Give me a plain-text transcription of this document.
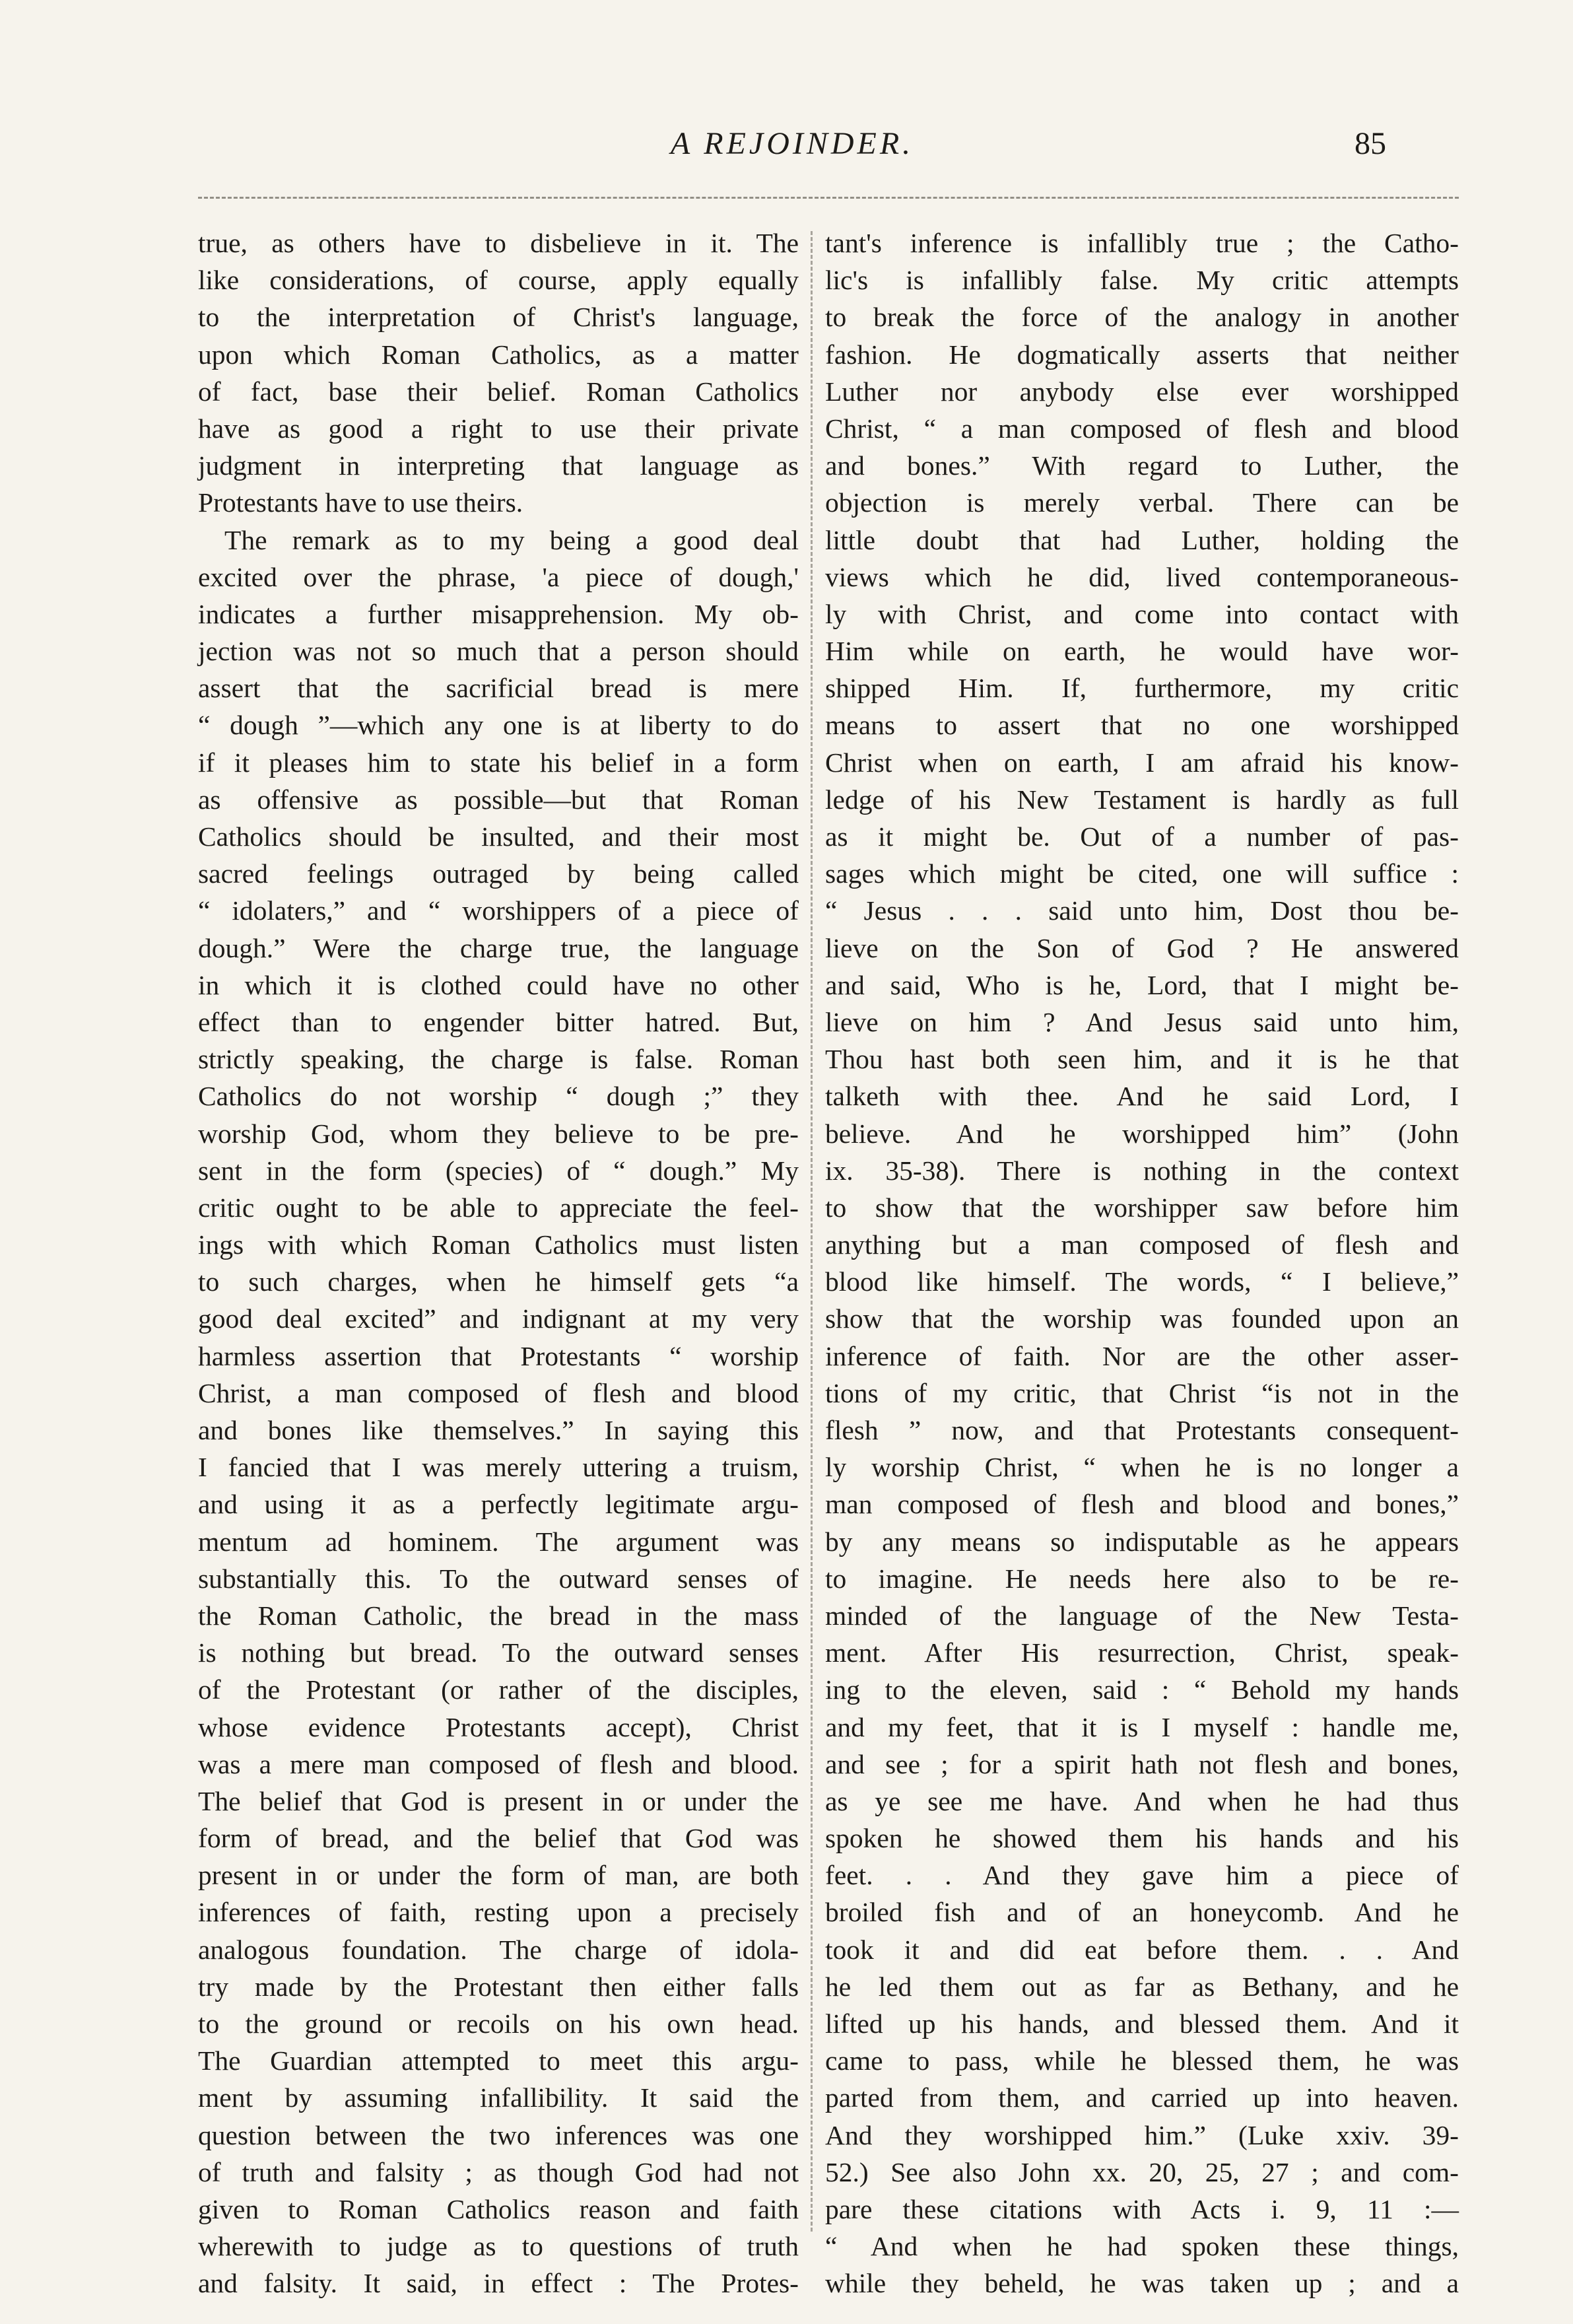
A REJOINDER.	85
true, as others have to disbelieve in it. The
like considerations, of course, apply equally
to the interpretation of Christ's language,
upon which Roman Catholics, as a matter
of fact, base their belief. Roman Catholics
have as good a right to use their private
judgment in interpreting that language as
Protestants have to use theirs.
The remark as to my being a good deal
excited over the phrase, 'a piece of dough,'
indicates a further misapprehension. My ob-
jection was not so much that a person should
assert that the sacrificial bread is mere
“ dough ”—which any one is at liberty to do
if it pleases him to state his belief in a form
as offensive as possible—but that Roman
Catholics should be insulted, and their most
sacred feelings outraged by being called
“ idolaters,” and “ worshippers of a piece of
dough.” Were the charge true, the language
in which it is clothed could have no other
effect than to engender bitter hatred. But,
strictly speaking, the charge is false. Roman
Catholics do not worship “ dough ;” they
worship God, whom they believe to be pre-
sent in the form (species) of “ dough.” My
critic ought to be able to appreciate the feel-
ings with which Roman Catholics must listen
to such charges, when he himself gets “a
good deal excited” and indignant at my very
harmless assertion that Protestants “ worship
Christ, a man composed of flesh and blood
and bones like themselves.” In saying this
I fancied that I was merely uttering a truism,
and using it as a perfectly legitimate argu-
mentum ad hominem. The argument was
substantially this. To the outward senses of
the Roman Catholic, the bread in the mass
is nothing but bread. To the outward senses
of the Protestant (or rather of the disciples,
whose evidence Protestants accept), Christ
was a mere man composed of flesh and blood.
The belief that God is present in or under the
form of bread, and the belief that God was
present in or under the form of man, are both
inferences of faith, resting upon a precisely
analogous foundation. The charge of idola-
try made by the Protestant then either falls
to the ground or recoils on his own head.
The Guardian attempted to meet this argu-
ment by assuming infallibility. It said the
question between the two inferences was one
of truth and falsity ; as though God had not
given to Roman Catholics reason and faith
wherewith to judge as to questions of truth
and falsity. It said, in effect : The Protes-
tant's inference is infallibly true ; the Catho-
lic's is infallibly false. My critic attempts
to break the force of the analogy in another
fashion. He dogmatically asserts that neither
Luther nor anybody else ever worshipped
Christ, “ a man composed of flesh and blood
and bones.” With regard to Luther, the
objection is merely verbal. There can be
little doubt that had Luther, holding the
views which he did, lived contemporaneous-
ly with Christ, and come into contact with
Him while on earth, he would have wor-
shipped Him. If, furthermore, my critic
means to assert that no one worshipped
Christ when on earth, I am afraid his know-
ledge of his New Testament is hardly as full
as it might be. Out of a number of pas-
sages which might be cited, one will suffice :
“ Jesus . . . said unto him, Dost thou be-
lieve on the Son of God ? He answered
and said, Who is he, Lord, that I might be-
lieve on him ? And Jesus said unto him,
Thou hast both seen him, and it is he that
talketh with thee. And he said Lord, I
believe. And he worshipped him” (John
ix. 35-38). There is nothing in the context
to show that the worshipper saw before him
anything but a man composed of flesh and
blood like himself. The words, “ I believe,”
show that the worship was founded upon an
inference of faith. Nor are the other asser-
tions of my critic, that Christ “is not in the
flesh ” now, and that Protestants consequent-
ly worship Christ, “ when he is no longer a
man composed of flesh and blood and bones,”
by any means so indisputable as he appears
to imagine. He needs here also to be re-
minded of the language of the New Testa-
ment. After His resurrection, Christ, speak-
ing to the eleven, said : “ Behold my hands
and my feet, that it is I myself : handle me,
and see ; for a spirit hath not flesh and bones,
as ye see me have. And when he had thus
spoken he showed them his hands and his
feet. . . And they gave him a piece of
broiled fish and of an honeycomb. And he
took it and did eat before them. . . And
he led them out as far as Bethany, and he
lifted up his hands, and blessed them. And it
came to pass, while he blessed them, he was
parted from them, and carried up into heaven.
And they worshipped him.” (Luke xxiv. 39-
52.) See also John xx. 20, 25, 27 ; and com-
pare these citations with Acts i. 9, 11 :—
“ And when he had spoken these things,
while they beheld, he was taken up ; and a
